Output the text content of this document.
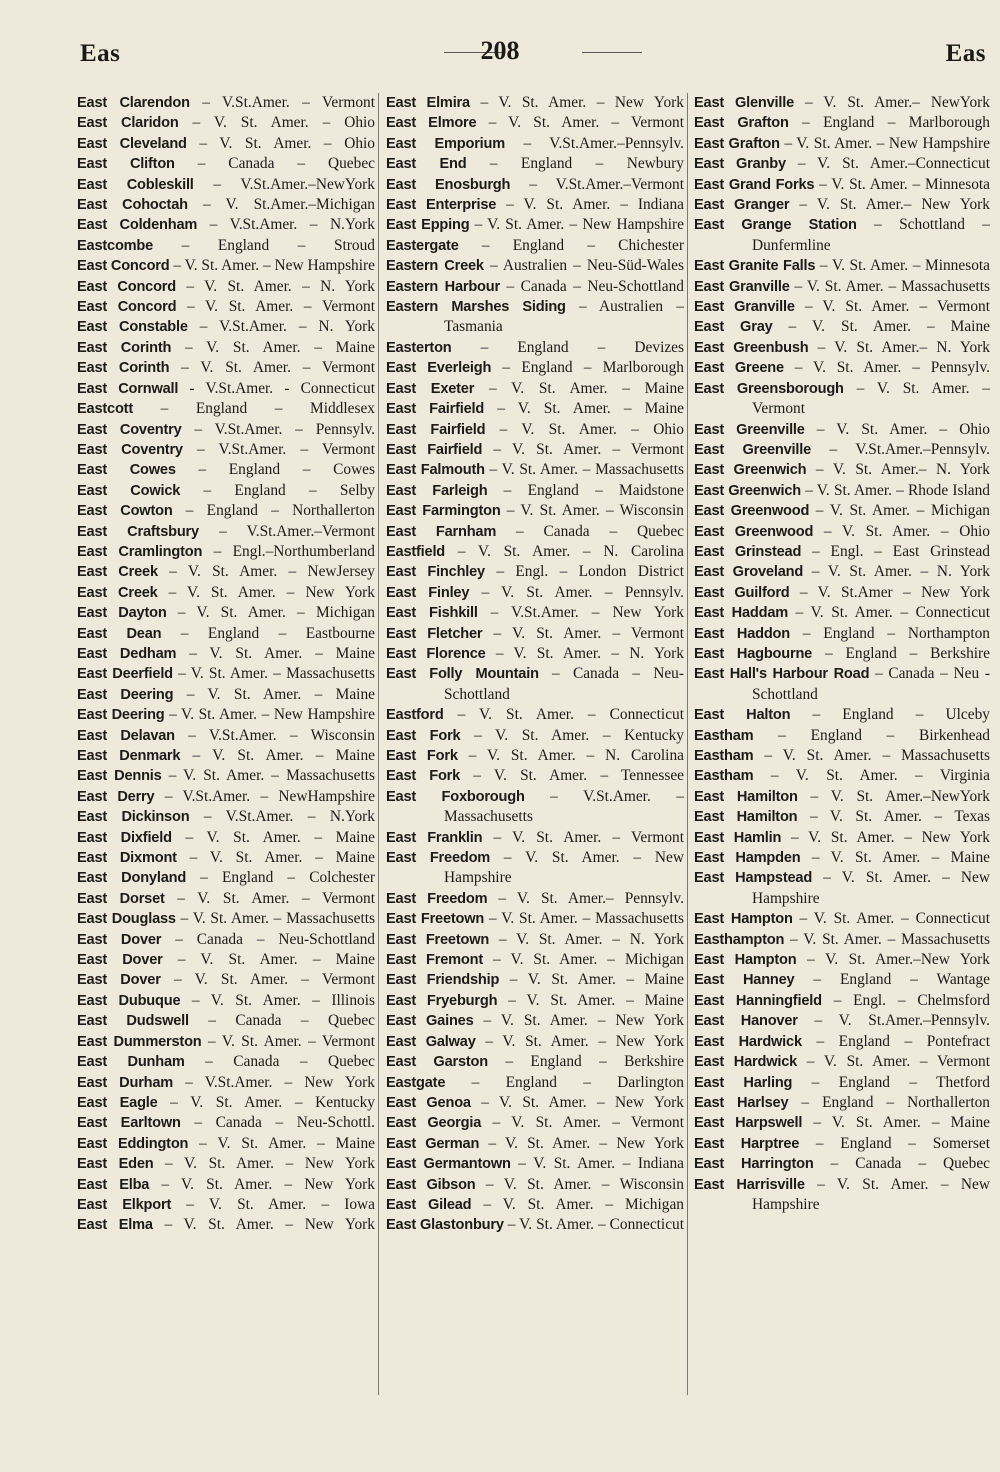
Eas	208	Eas
East Clarendon – V.St.Amer. – Vermont
East Claridon – V. St. Amer. – Ohio
East Cleveland – V. St. Amer. – Ohio
East Clifton – Canada – Quebec
East Cobleskill – V.St.Amer.–NewYork
East Cohoctah – V. St.Amer.–Michigan
East Coldenham – V.St.Amer. – N.York
Eastcombe – England – Stroud
East Concord – V. St. Amer. – New Hampshire
East Concord – V. St. Amer. – N. York
East Concord – V. St. Amer. – Vermont
East Constable – V.St.Amer. – N. York
East Corinth – V. St. Amer. – Maine
East Corinth – V. St. Amer. – Vermont
East Cornwall - V.St.Amer. - Connecticut
Eastcott – England – Middlesex
East Coventry – V.St.Amer. – Pennsylv.
East Coventry – V.St.Amer. – Vermont
East Cowes – England – Cowes
East Cowick – England – Selby
East Cowton – England – Northallerton
East Craftsbury – V.St.Amer.–Vermont
East Cramlington – Engl.–Northumberland
East Creek – V. St. Amer. – NewJersey
East Creek – V. St. Amer. – New York
East Dayton – V. St. Amer. – Michigan
East Dean – England – Eastbourne
East Dedham – V. St. Amer. – Maine
East Deerfield – V. St. Amer. – Massachusetts
East Deering – V. St. Amer. – Maine
East Deering – V. St. Amer. – New Hampshire
East Delavan – V.St.Amer. – Wisconsin
East Denmark – V. St. Amer. – Maine
East Dennis – V. St. Amer. – Massachusetts
East Derry – V.St.Amer. – NewHampshire
East Dickinson – V.St.Amer. – N.York
East Dixfield – V. St. Amer. – Maine
East Dixmont – V. St. Amer. – Maine
East Donyland – England – Colchester
East Dorset – V. St. Amer. – Vermont
East Douglass – V. St. Amer. – Massachusetts
East Dover – Canada – Neu-Schottland
East Dover – V. St. Amer. – Maine
East Dover – V. St. Amer. – Vermont
East Dubuque – V. St. Amer. – Illinois
East Dudswell – Canada – Quebec
East Dummerston – V. St. Amer. – Vermont
East Dunham – Canada – Quebec
East Durham – V.St.Amer. – New York
East Eagle – V. St. Amer. – Kentucky
East Earltown – Canada – Neu-Schottl.
East Eddington – V. St. Amer. – Maine
East Eden – V. St. Amer. – New York
East Elba – V. St. Amer. – New York
East Elkport – V. St. Amer. – Iowa
East Elma – V. St. Amer. – New York
East Elmira – V. St. Amer. – New York
East Elmore – V. St. Amer. – Vermont
East Emporium – V.St.Amer.–Pennsylv.
East End – England – Newbury
East Enosburgh – V.St.Amer.–Vermont
East Enterprise – V. St. Amer. – Indiana
East Epping – V. St. Amer. – New Hampshire
Eastergate – England – Chichester
Eastern Creek – Australien – Neu-Süd-Wales
Eastern Harbour – Canada – Neu-Schottland
Eastern Marshes Siding – Australien – Tasmania
Easterton – England – Devizes
East Everleigh – England – Marlborough
East Exeter – V. St. Amer. – Maine
East Fairfield – V. St. Amer. – Maine
East Fairfield – V. St. Amer. – Ohio
East Fairfield – V. St. Amer. – Vermont
East Falmouth – V. St. Amer. – Massachusetts
East Farleigh – England – Maidstone
East Farmington – V. St. Amer. – Wisconsin
East Farnham – Canada – Quebec
Eastfield – V. St. Amer. – N. Carolina
East Finchley – Engl. – London District
East Finley – V. St. Amer. – Pennsylv.
East Fishkill – V.St.Amer. – New York
East Fletcher – V. St. Amer. – Vermont
East Florence – V. St. Amer. – N. York
East Folly Mountain – Canada – Neu-Schottland
Eastford – V. St. Amer. – Connecticut
East Fork – V. St. Amer. – Kentucky
East Fork – V. St. Amer. – N. Carolina
East Fork – V. St. Amer. – Tennessee
East Foxborough – V.St.Amer. – Massachusetts
East Franklin – V. St. Amer. – Vermont
East Freedom – V. St. Amer. – New Hampshire
East Freedom – V. St. Amer.– Pennsylv.
East Freetown – V. St. Amer. – Massachusetts
East Freetown – V. St. Amer. – N. York
East Fremont – V. St. Amer. – Michigan
East Friendship – V. St. Amer. – Maine
East Fryeburgh – V. St. Amer. – Maine
East Gaines – V. St. Amer. – New York
East Galway – V. St. Amer. – New York
East Garston – England – Berkshire
Eastgate – England – Darlington
East Genoa – V. St. Amer. – New York
East Georgia – V. St. Amer. – Vermont
East German – V. St. Amer. – New York
East Germantown – V. St. Amer. – Indiana
East Gibson – V. St. Amer. – Wisconsin
East Gilead – V. St. Amer. – Michigan
East Glastonbury – V. St. Amer. – Connecticut
East Glenville – V. St. Amer.– NewYork
East Grafton – England – Marlborough
East Grafton – V. St. Amer. – New Hampshire
East Granby – V. St. Amer.–Connecticut
East Grand Forks – V. St. Amer. – Minnesota
East Granger – V. St. Amer.– New York
East Grange Station – Schottland – Dunfermline
East Granite Falls – V. St. Amer. – Minnesota
East Granville – V. St. Amer. – Massachusetts
East Granville – V. St. Amer. – Vermont
East Gray – V. St. Amer. – Maine
East Greenbush – V. St. Amer.– N. York
East Greene – V. St. Amer. – Pennsylv.
East Greensborough – V. St. Amer. – Vermont
East Greenville – V. St. Amer. – Ohio
East Greenville – V.St.Amer.–Pennsylv.
East Greenwich – V. St. Amer.– N. York
East Greenwich – V. St. Amer. – Rhode Island
East Greenwood – V. St. Amer. – Michigan
East Greenwood – V. St. Amer. – Ohio
East Grinstead – Engl. – East Grinstead
East Groveland – V. St. Amer. – N. York
East Guilford – V. St.Amer – New York
East Haddam – V. St. Amer. – Connecticut
East Haddon – England – Northampton
East Hagbourne – England – Berkshire
East Hall's Harbour Road – Canada – Neu - Schottland
East Halton – England – Ulceby
Eastham – England – Birkenhead
Eastham – V. St. Amer. – Massachusetts
Eastham – V. St. Amer. – Virginia
East Hamilton – V. St. Amer.–NewYork
East Hamilton – V. St. Amer. – Texas
East Hamlin – V. St. Amer. – New York
East Hampden – V. St. Amer. – Maine
East Hampstead – V. St. Amer. – New Hampshire
East Hampton – V. St. Amer. – Connecticut
Easthampton – V. St. Amer. – Massachusetts
East Hampton – V. St. Amer.–New York
East Hanney – England – Wantage
East Hanningfield – Engl. – Chelmsford
East Hanover – V. St.Amer.–Pennsylv.
East Hardwick – England – Pontefract
East Hardwick – V. St. Amer. – Vermont
East Harling – England – Thetford
East Harlsey – England – Northallerton
East Harpswell – V. St. Amer. – Maine
East Harptree – England – Somerset
East Harrington – Canada – Quebec
East Harrisville – V. St. Amer. – New Hampshire
